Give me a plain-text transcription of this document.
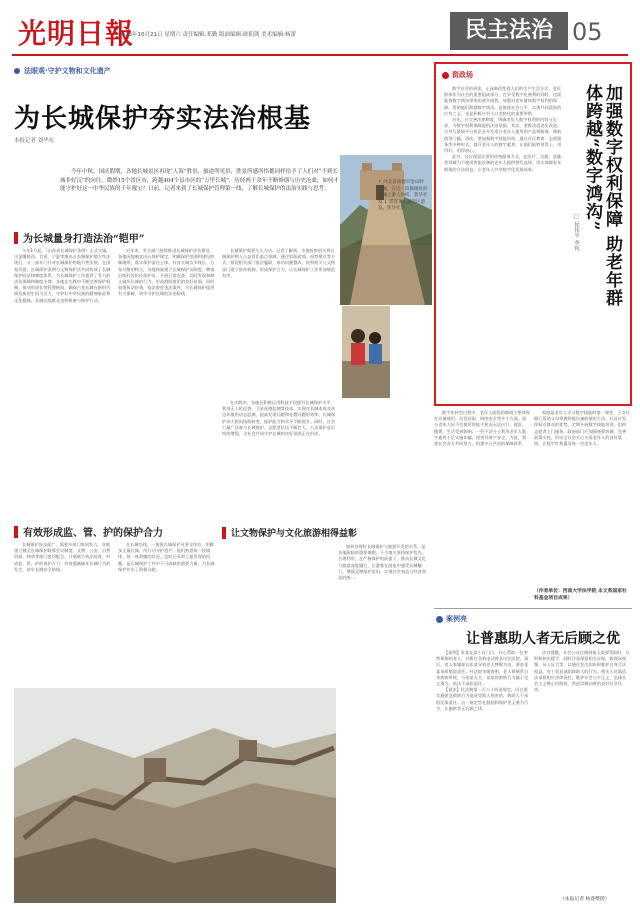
光明日報
2023年10月21日 星期六 责任编辑:邓勤 版面编辑:欧阳剑 美术编辑:杨蕾	民主法治 05
法眼观·守护文物和文化遗产
为长城保护夯实法治根基
本报记者 刘华东
今年中秋、国庆假期，各地长城景区再现“人海”胜景，旅途所见景，胜景所感所悟都同样给予了人们对“不到长城非好汉”的向往。微妙15个省区市，跨越404个县市区的“万里长城”，历经两千余年不断修缮与历史沧桑，如何才能守护好这一中华民族的千年瑰宝？日前，记者来到了长城保护管理第一线，了解长城保护的法治实践与思考。
↑ 河北省承德市金山岭长城，在这一段修缮好的长城上游人如织。新华社发 ↓ 游客在长城景区游览。新华社发
为长城量身打造法治“铠甲”

今年1月起，《山东省长城保护条例》正式实施。这是继陕西、甘肃、宁夏等地出台长城保护地方性法规后，又一部专门针对长城保护的地方性法规。在国家层面，长城保护条例与文物保护法共同构成了长城保护的法律制度体系，为长城保护工作提供了有力的法治保障和制度支撑。各地在实践中不断完善保护机制，推动形成长效管理格局，确保古老长城在新时代焕发新的生机与活力，守护好中华民族的精神象征和文化根脉。长城沿线群众也积极参与保护行动。

近年来，有关部门持续推进长城保护法治建设，各地因地制宜出台保护规定，明确保护范围和建设控制地带，落实保护责任主体。针对长城点多线长、分布分散的特点，各地探索建立长城保护员制度，聘请沿线村民担任保护员，开展日常巡查，及时发现和制止破坏长城的行为，形成群防群治的良好局面。同时加强执法检查，依法查处违法案件，为长城保护提供有力保障，筑牢守护长城的法治防线。

长城保护需要久久为功。记者了解到，多地检察机关将长城保护纳入公益诉讼重点领域，通过诉前磋商、检察建议等方式，督促相关部门依法履职，推动问题整改。检察机关与文物部门建立协作机制，形成保护合力，让长城保护工作更加规范有序。

有效形成监、管、护的保护合力

长城保护涉及面广，需要多部门协同发力。各地建立健全长城保护联席会议制度，文物、公安、自然资源、林草等部门密切配合，开展联合执法检查，形成监、管、护的保护合力，有效遏制破坏长城行为的发生，筑牢长城安全防线。

在长城沿线，一批批长城保护员坚守岗位，用脚步丈量长城，用行动守护遗产。他们熟悉每一段墙体、每一座敌楼的状况，及时记录和上报发现的问题，是长城保护工作中不可或缺的重要力量，为长城保护作出了积极贡献。

在实践中，各地还积极运用科技手段提升长城保护水平，利用无人机巡查、卫星遥感监测等技术，实现对长城本体及周边环境的动态监测，提高发现问题和处置问题的效率。长城保护从人防向技防转变，保护能力和水平不断提升。同时，社会力量广泛参与长城保护，志愿者队伍不断壮大，公众保护意识持续增强，全社会共同守护长城的良好氛围正在形成。

让文物保护与文化旅游相得益彰

如何处理好长城保护与旅游开发的关系，是各地面临的重要课题。不少地方坚持保护优先，合理利用，在严格保护的前提下，推动长城文化与旅游深度融合，让游客在游览中感受长城魅力，增强文物保护意识，实现社会效益与经济效益的统一。

资政场
加强数字权利保障 助老年群体跨越“数字鸿沟”
□ 侯伟平 李钊

数字社会的到来，正深刻改变着人们的生产生活方式。老年群体作为社会的重要组成部分，在享受数字化便利的同时，也面临着数字鸿沟带来的诸多困扰。加强对老年群体数字权利的保障，帮助他们跨越数字鸿沟，是推进社会公平、实现共同富裕的应有之义，也是积极应对人口老龄化的重要举措。

首先，应完善法律制度，明确老年人数字权利的内容与边界，为数字权利保障提供法治依据。其次，要推动适老化改造，引导互联网平台和企业开发适合老年人使用的产品和服务，降低使用门槛。再次，要加强数字技能培训，通过社区教育、志愿服务等多种形式，提升老年人的数字素养，让他们能够用得上、用得好、用得放心。

此外，还应保留必要的传统服务方式，在医疗、交通、金融等领域为不使用智能设备的老年人提供替代选择，切实保障老年群体的合法权益，让老年人共享数字化发展成果。

数字化转型过程中，老年人面临的障碍主要体现在设备使用、信息获取、网络安全等多个方面。部分老年人因不会使用智能手机而无法出行、就医、缴费，生活受到影响；一些不法分子利用老年人数字素养不足实施诈骗，侵害其财产安全。为此，需要社会各方共同努力，构建多元共治的保障体系。

家庭是老年人学习数字技能的第一课堂，子女应耐心帮助父母掌握智能设备的使用方法。社区应发挥贴近群众的优势，定期开展数字技能培训，组织志愿者上门服务。政府部门应加强统筹协调，完善政策支持，形成全社会关心关爱老年人的良好氛围，让数字红利惠及每一位老年人。

（作者单位：西南大学法学院 本文系国家社科基金项目成果）
案例亮
让普惠助人者无后顾之优

【案例】张某在某小区门口，好心帮助一位突然晕倒的老人，并拨打急救电话将其送往医院。事后，老人家属却以张某导致老人摔倒为由，要求张某承担赔偿责任。经法院审理查明，老人晕倒系自身疾病所致，与张某无关，张某的救助行为属于见义勇为，依法不承担责任。

【说法】民法典第一百八十四条规定，因自愿实施紧急救助行为造成受助人损害的，救助人不承担民事责任。这一规定旨在鼓励和保护见义勇为行为，让施救者无后顾之忧。

法官提醒，社会公众在遇到他人需要帮助时，应积极伸出援手，同时注意保留相关证据，如现场视频、证人证言等，以便在发生纠纷时维护自身合法权益。对于恶意诬陷救助人的行为，相关人员需依法承担相应法律责任，维护社会公平正义，弘扬社会主义核心价值观，营造崇德向善的良好社会风尚。

（本报记者 杨睿整理）
